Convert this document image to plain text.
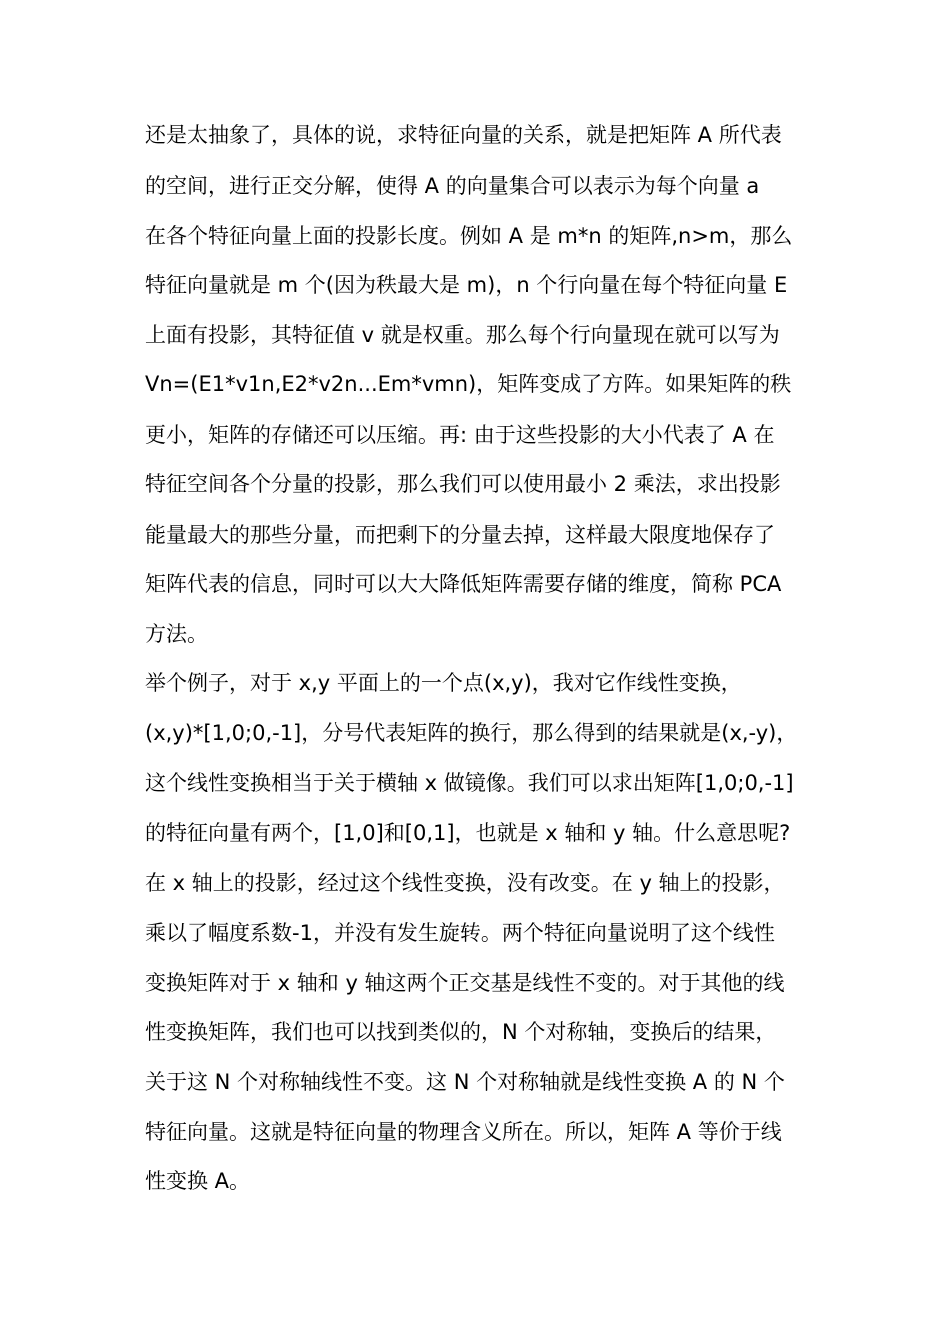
还是太抽象了，具体的说，求特征向量的关系，就是把矩阵 A 所代表
的空间，进行正交分解，使得 A 的向量集合可以表示为每个向量 a
在各个特征向量上面的投影长度。例如 A 是 m*n 的矩阵,n>m，那么
特征向量就是 m 个(因为秩最大是 m)，n 个行向量在每个特征向量 E
上面有投影，其特征值 v 就是权重。那么每个行向量现在就可以写为
Vn=(E1*v1n,E2*v2n...Em*vmn)，矩阵变成了方阵。如果矩阵的秩
更小，矩阵的存储还可以压缩。再: 由于这些投影的大小代表了 A 在
特征空间各个分量的投影，那么我们可以使用最小 2 乘法，求出投影
能量最大的那些分量，而把剩下的分量去掉，这样最大限度地保存了
矩阵代表的信息，同时可以大大降低矩阵需要存储的维度，简称 PCA
方法。
举个例子，对于 x,y 平面上的一个点(x,y)，我对它作线性变换，
(x,y)*[1,0;0,-1]，分号代表矩阵的换行，那么得到的结果就是(x,-y)，
这个线性变换相当于关于横轴 x 做镜像。我们可以求出矩阵[1,0;0,-1]
的特征向量有两个，[1,0]和[0,1]，也就是 x 轴和 y 轴。什么意思呢?
在 x 轴上的投影，经过这个线性变换，没有改变。在 y 轴上的投影，
乘以了幅度系数-1，并没有发生旋转。两个特征向量说明了这个线性
变换矩阵对于 x 轴和 y 轴这两个正交基是线性不变的。对于其他的线
性变换矩阵，我们也可以找到类似的，N 个对称轴，变换后的结果，
关于这 N 个对称轴线性不变。这 N 个对称轴就是线性变换 A 的 N 个
特征向量。这就是特征向量的物理含义所在。所以，矩阵 A 等价于线
性变换 A。
